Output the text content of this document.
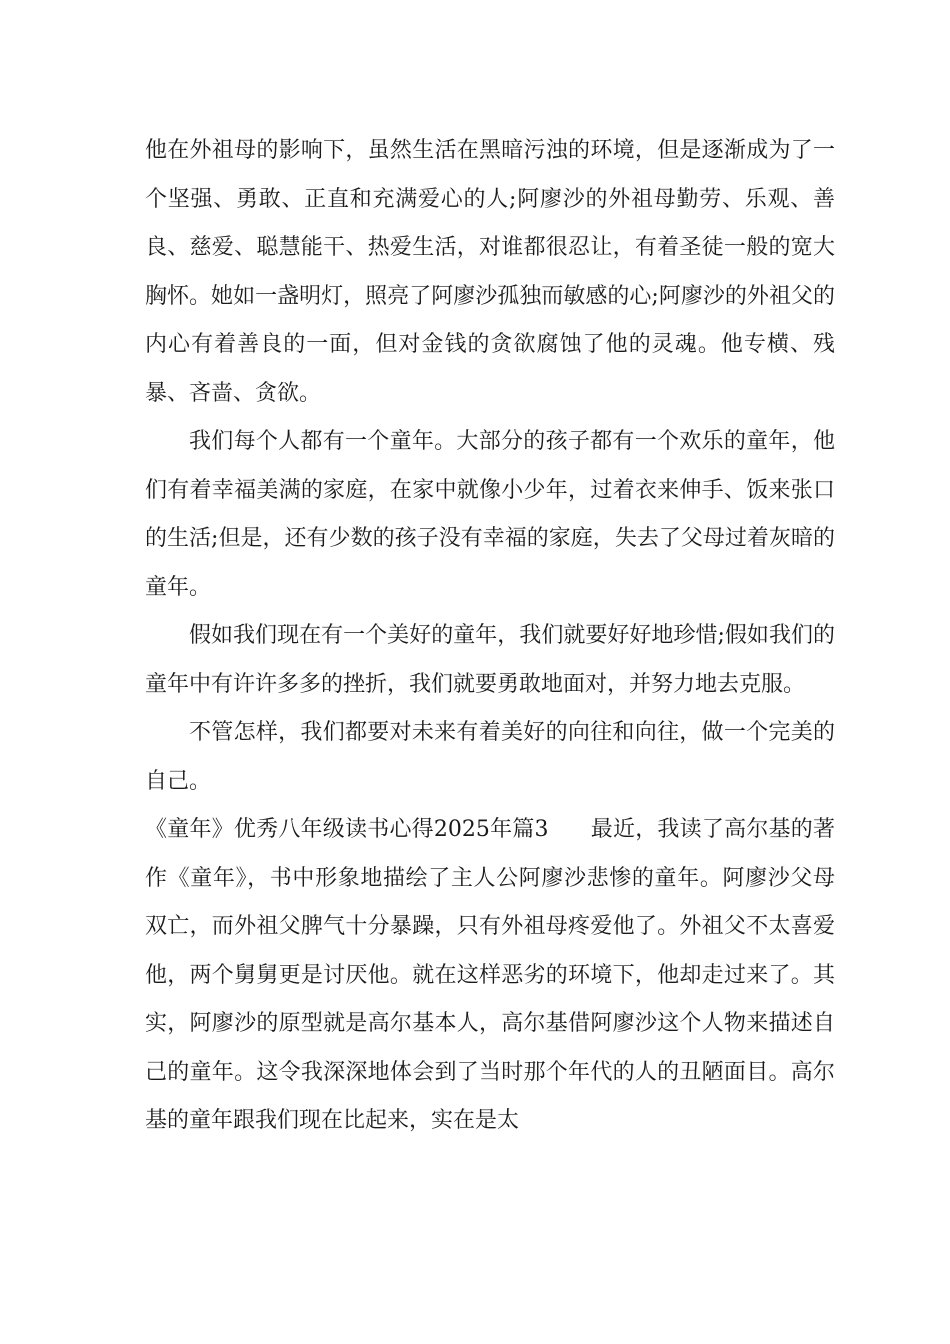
他在外祖母的影响下，虽然生活在黑暗污浊的环境，但是逐渐成为了一个坚强、勇敢、正直和充满爱心的人;阿廖沙的外祖母勤劳、乐观、善良、慈爱、聪慧能干、热爱生活，对谁都很忍让，有着圣徒一般的宽大胸怀。她如一盏明灯，照亮了阿廖沙孤独而敏感的心;阿廖沙的外祖父的内心有着善良的一面，但对金钱的贪欲腐蚀了他的灵魂。他专横、残暴、吝啬、贪欲。

我们每个人都有一个童年。大部分的孩子都有一个欢乐的童年，他们有着幸福美满的家庭，在家中就像小少年，过着衣来伸手、饭来张口的生活;但是，还有少数的孩子没有幸福的家庭，失去了父母过着灰暗的童年。

假如我们现在有一个美好的童年，我们就要好好地珍惜;假如我们的童年中有许许多多的挫折，我们就要勇敢地面对，并努力地去克服。

不管怎样，我们都要对未来有着美好的向往和向往，做一个完美的自己。

《童年》优秀八年级读书心得2025年篇3 最近，我读了高尔基的著作《童年》，书中形象地描绘了主人公阿廖沙悲惨的童年。阿廖沙父母双亡，而外祖父脾气十分暴躁，只有外祖母疼爱他了。外祖父不太喜爱他，两个舅舅更是讨厌他。就在这样恶劣的环境下，他却走过来了。其实，阿廖沙的原型就是高尔基本人，高尔基借阿廖沙这个人物来描述自己的童年。这令我深深地体会到了当时那个年代的人的丑陋面目。高尔基的童年跟我们现在比起来，实在是太
